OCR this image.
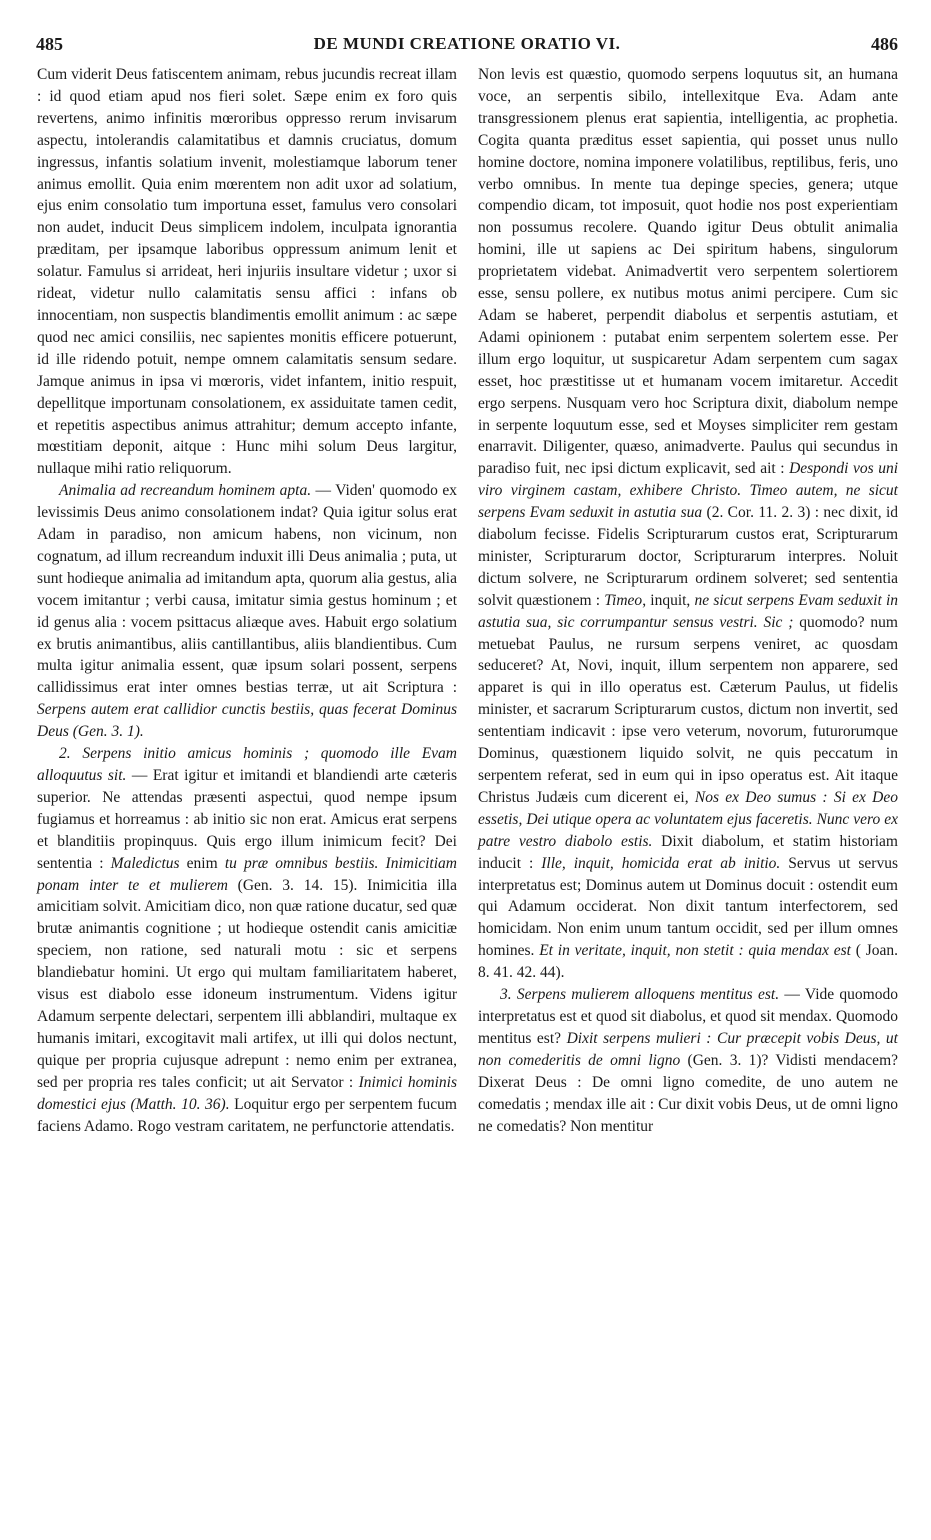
485	DE MUNDI CREATIONE ORATIO VI.	486

Cum viderit Deus fatiscentem animam, rebus jucundis recreat illam : id quod etiam apud nos fieri solet. Sæpe enim ex foro quis revertens, animo infinitis mœroribus oppresso rerum invisarum aspectu, intolerandis calamitatibus et damnis cruciatus, domum ingressus, infantis solatium invenit, molestiamque laborum tener animus emollit. Quia enim mœrentem non adit uxor ad solatium, ejus enim consolatio tum importuna esset, famulus vero consolari non audet, inducit Deus simplicem indolem, inculpata ignorantia præditam, per ipsamque laboribus oppressum animum lenit et solatur. Famulus si arrideat, heri injuriis insultare videtur ; uxor si rideat, videtur nullo calamitatis sensu affici : infans ob innocentiam, non suspectis blandimentis emollit animum : ac sæpe quod nec amici consiliis, nec sapientes monitis efficere potuerunt, id ille ridendo potuit, nempe omnem calamitatis sensum sedare. Jamque animus in ipsa vi mœroris, videt infantem, initio respuit, depellitque importunam consolationem, ex assiduitate tamen cedit, et repetitis aspectibus animus attrahitur; demum accepto infante, mœstitiam deponit, aitque : Hunc mihi solum Deus largitur, nullaque mihi ratio reliquorum.

Animalia ad recreandum hominem apta. — Viden' quomodo ex levissimis Deus animo consolationem indat? Quia igitur solus erat Adam in paradiso, non amicum habens, non vicinum, non cognatum, ad illum recreandum induxit illi Deus animalia ; puta, ut sunt hodieque animalia ad imitandum apta, quorum alia gestus, alia vocem imitantur ; verbi causa, imitatur simia gestus hominum ; et id genus alia : vocem psittacus aliæque aves. Habuit ergo solatium ex brutis animantibus, aliis cantillantibus, aliis blandientibus. Cum multa igitur animalia essent, quæ ipsum solari possent, serpens callidissimus erat inter omnes bestias terræ, ut ait Scriptura : Serpens autem erat callidior cunctis bestiis, quas fecerat Dominus Deus (Gen. 3. 1).

2. Serpens initio amicus hominis ; quomodo ille Evam alloquutus sit. — Erat igitur et imitandi et blandiendi arte cæteris superior. Ne attendas præsenti aspectui, quod nempe ipsum fugiamus et horreamus : ab initio sic non erat. Amicus erat serpens et blanditiis propinquus. Quis ergo illum inimicum fecit? Dei sententia : Maledictus enim tu præ omnibus bestiis. Inimicitiam ponam inter te et mulierem (Gen. 3. 14. 15). Inimicitia illa amicitiam solvit. Amicitiam dico, non quæ ratione ducatur, sed quæ brutæ animantis cognitione ; ut hodieque ostendit canis amicitiæ speciem, non ratione, sed naturali motu : sic et serpens blandiebatur homini. Ut ergo qui multam familiaritatem haberet, visus est diabolo esse idoneum instrumentum. Videns igitur Adamum serpente delectari, serpentem illi abblandiri, multaque ex humanis imitari, excogitavit mali artifex, ut illi qui dolos nectunt, quique per propria cujusque adrepunt : nemo enim per extranea, sed per propria res tales conficit; ut ait Servator : Inimici hominis domestici ejus (Matth. 10. 36). Loquitur ergo per serpentem fucum faciens Adamo. Rogo vestram caritatem, ne perfunctorie attendatis.

Non levis est quæstio, quomodo serpens loquutus sit, an humana voce, an serpentis sibilo, intellexitque Eva. Adam ante transgressionem plenus erat sapientia, intelligentia, ac prophetia. Cogita quanta præditus esset sapientia, qui posset unus nullo homine doctore, nomina imponere volatilibus, reptilibus, feris, uno verbo omnibus. In mente tua depinge species, genera; utque compendio dicam, tot imposuit, quot hodie nos post experientiam non possumus recolere. Quando igitur Deus obtulit animalia homini, ille ut sapiens ac Dei spiritum habens, singulorum proprietatem videbat. Animadvertit vero serpentem solertiorem esse, sensu pollere, ex nutibus motus animi percipere. Cum sic Adam se haberet, perpendit diabolus et serpentis astutiam, et Adami opinionem : putabat enim serpentem solertem esse. Per illum ergo loquitur, ut suspicaretur Adam serpentem cum sagax esset, hoc præstitisse ut et humanam vocem imitaretur. Accedit ergo serpens. Nusquam vero hoc Scriptura dixit, diabolum nempe in serpente loquutum esse, sed et Moyses simpliciter rem gestam enarravit. Diligenter, quæso, animadverte. Paulus qui secundus in paradiso fuit, nec ipsi dictum explicavit, sed ait : Despondi vos uni viro virginem castam, exhibere Christo. Timeo autem, ne sicut serpens Evam seduxit in astutia sua (2. Cor. 11. 2. 3) : nec dixit, id diabolum fecisse. Fidelis Scripturarum custos erat, Scripturarum minister, Scripturarum doctor, Scripturarum interpres. Noluit dictum solvere, ne Scripturarum ordinem solveret; sed sententia solvit quæstionem : Timeo, inquit, ne sicut serpens Evam seduxit in astutia sua, sic corrumpantur sensus vestri. Sic ; quomodo? num metuebat Paulus, ne rursum serpens veniret, ac quosdam seduceret? At, Novi, inquit, illum serpentem non apparere, sed apparet is qui in illo operatus est. Cæterum Paulus, ut fidelis minister, et sacrarum Scripturarum custos, dictum non invertit, sed sententiam indicavit : ipse vero veterum, novorum, futurorumque Dominus, quæstionem liquido solvit, ne quis peccatum in serpentem referat, sed in eum qui in ipso operatus est. Ait itaque Christus Judæis cum dicerent ei, Nos ex Deo sumus : Si ex Deo essetis, Dei utique opera ac voluntatem ejus faceretis. Nunc vero ex patre vestro diabolo estis. Dixit diabolum, et statim historiam inducit : Ille, inquit, homicida erat ab initio. Servus ut servus interpretatus est; Dominus autem ut Dominus docuit : ostendit eum qui Adamum occiderat. Non dixit tantum interfectorem, sed homicidam. Non enim unum tantum occidit, sed per illum omnes homines. Et in veritate, inquit, non stetit : quia mendax est ( Joan. 8. 41. 42. 44).

3. Serpens mulierem alloquens mentitus est. — Vide quomodo interpretatus est et quod sit diabolus, et quod sit mendax. Quomodo mentitus est? Dixit serpens mulieri : Cur præcepit vobis Deus, ut non comederitis de omni ligno (Gen. 3. 1)? Vidisti mendacem? Dixerat Deus : De omni ligno comedite, de uno autem ne comedatis ; mendax ille ait : Cur dixit vobis Deus, ut de omni ligno ne comedatis? Non mentitur
